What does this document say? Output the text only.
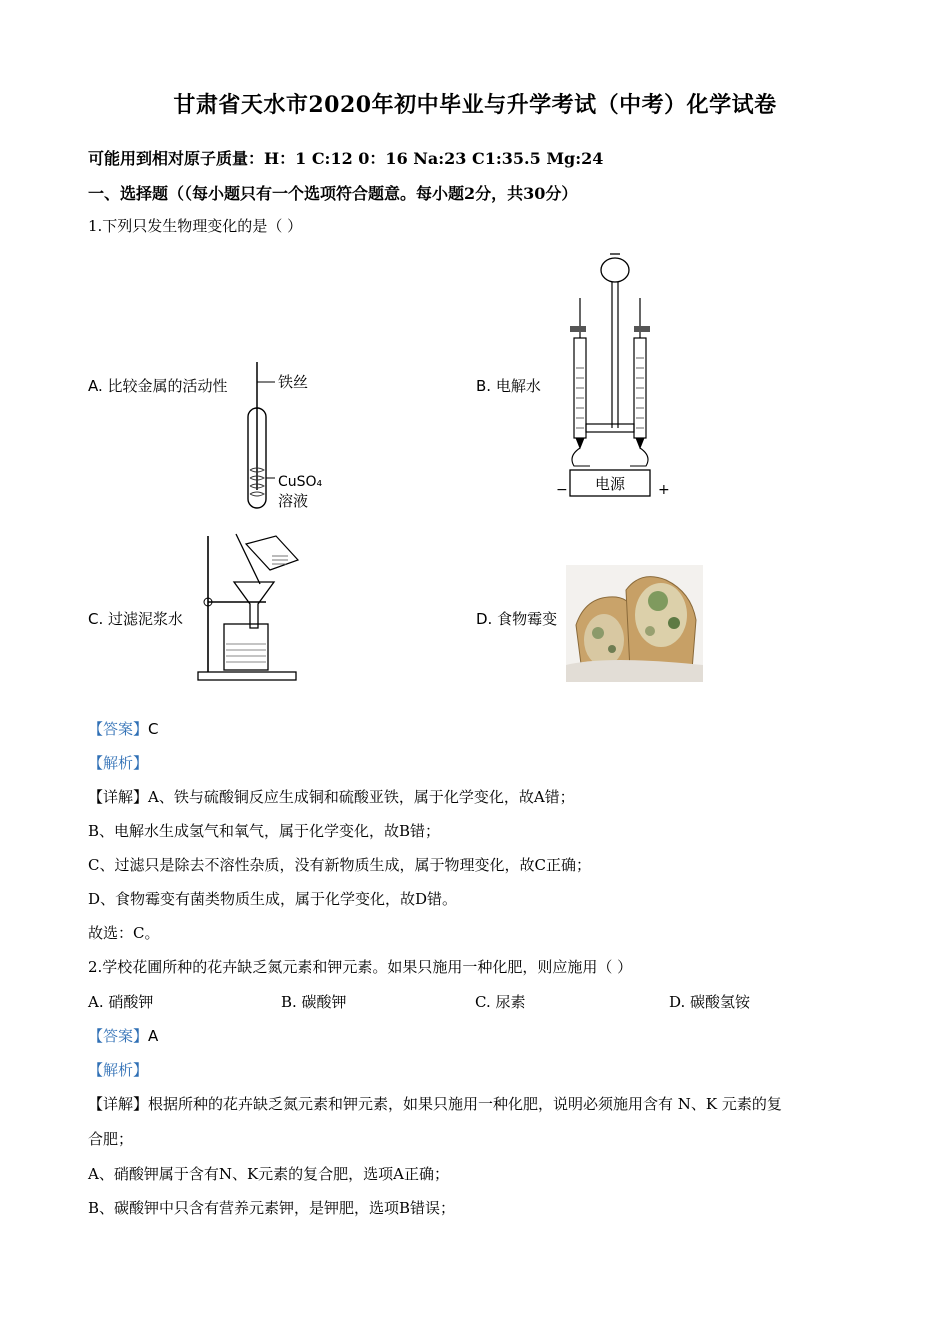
甘肃省天水市2020年初中毕业与升学考试（中考）化学试卷
可能用到相对原子质量：H：1 C:12 0：16 Na:23 C1:35.5 Mg:24
一、选择题（（每小题只有一个选项符合题意。每小题2分，共30分）
1.下列只发生物理变化的是（ ）
A. 比较金属的活动性	铁丝
CuSO₄
溶液
B. 电解水
电源
−	+
C. 过滤泥浆水	D. 食物霉变
【答案】C
【解析】
【详解】A、铁与硫酸铜反应生成铜和硫酸亚铁，属于化学变化，故A错；
B、电解水生成氢气和氧气，属于化学变化，故B错；
C、过滤只是除去不溶性杂质，没有新物质生成，属于物理变化，故C正确；
D、食物霉变有菌类物质生成，属于化学变化，故D错。
故选：C。
2.学校花圃所种的花卉缺乏氮元素和钾元素。如果只施用一种化肥，则应施用（ ）
A. 硝酸钾	B. 碳酸钾	C. 尿素	D. 碳酸氢铵
【答案】A
【解析】
【详解】根据所种的花卉缺乏氮元素和钾元素，如果只施用一种化肥，说明必须施用含有 N、K 元素的复
合肥；
A、硝酸钾属于含有N、K元素的复合肥，选项A正确；
B、碳酸钾中只含有营养元素钾，是钾肥，选项B错误；
